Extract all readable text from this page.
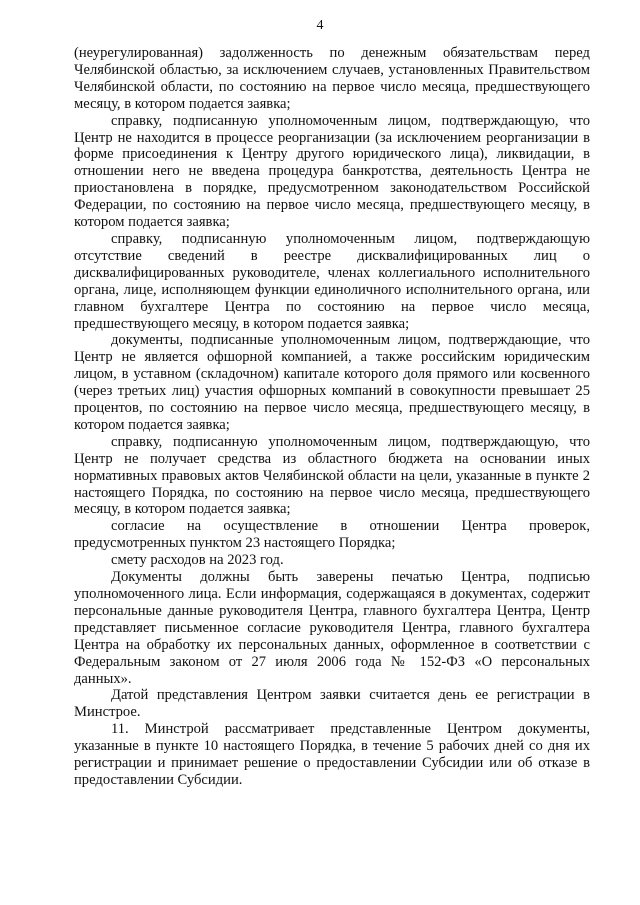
4

(неурегулированная) задолженность по денежным обязательствам перед Челябинской областью, за исключением случаев, установленных Правительством Челябинской области, по состоянию на первое число месяца, предшествующего месяцу, в котором подается заявка;

справку, подписанную уполномоченным лицом, подтверждающую, что Центр не находится в процессе реорганизации (за исключением реорганизации в форме присоединения к Центру другого юридического лица), ликвидации, в отношении него не введена процедура банкротства, деятельность Центра не приостановлена в порядке, предусмотренном законодательством Российской Федерации, по состоянию на первое число месяца, предшествующего месяцу, в котором подается заявка;

справку, подписанную уполномоченным лицом, подтверждающую отсутствие сведений в реестре дисквалифицированных лиц о дисквалифицированных руководителе, членах коллегиального исполнительного органа, лице, исполняющем функции единоличного исполнительного органа, или главном бухгалтере Центра по состоянию на первое число месяца, предшествующего месяцу, в котором подается заявка;

документы, подписанные уполномоченным лицом, подтверждающие, что Центр не является офшорной компанией, а также российским юридическим лицом, в уставном (складочном) капитале которого доля прямого или косвенного (через третьих лиц) участия офшорных компаний в совокупности превышает 25 процентов, по состоянию на первое число месяца, предшествующего месяцу, в котором подается заявка;

справку, подписанную уполномоченным лицом, подтверждающую, что Центр не получает средства из областного бюджета на основании иных нормативных правовых актов Челябинской области на цели, указанные в пункте 2 настоящего Порядка, по состоянию на первое число месяца, предшествующего месяцу, в котором подается заявка;

согласие на осуществление в отношении Центра проверок, предусмотренных пунктом 23 настоящего Порядка;

смету расходов на 2023 год.

Документы должны быть заверены печатью Центра, подписью уполномоченного лица. Если информация, содержащаяся в документах, содержит персональные данные руководителя Центра, главного бухгалтера Центра, Центр представляет письменное согласие руководителя Центра, главного бухгалтера Центра на обработку их персональных данных, оформленное в соответствии с Федеральным законом от 27 июля 2006 года № 152-ФЗ «О персональных данных».

Датой представления Центром заявки считается день ее регистрации в Минстрое.

11. Минстрой рассматривает представленные Центром документы, указанные в пункте 10 настоящего Порядка, в течение 5 рабочих дней со дня их регистрации и принимает решение о предоставлении Субсидии или об отказе в предоставлении Субсидии.
